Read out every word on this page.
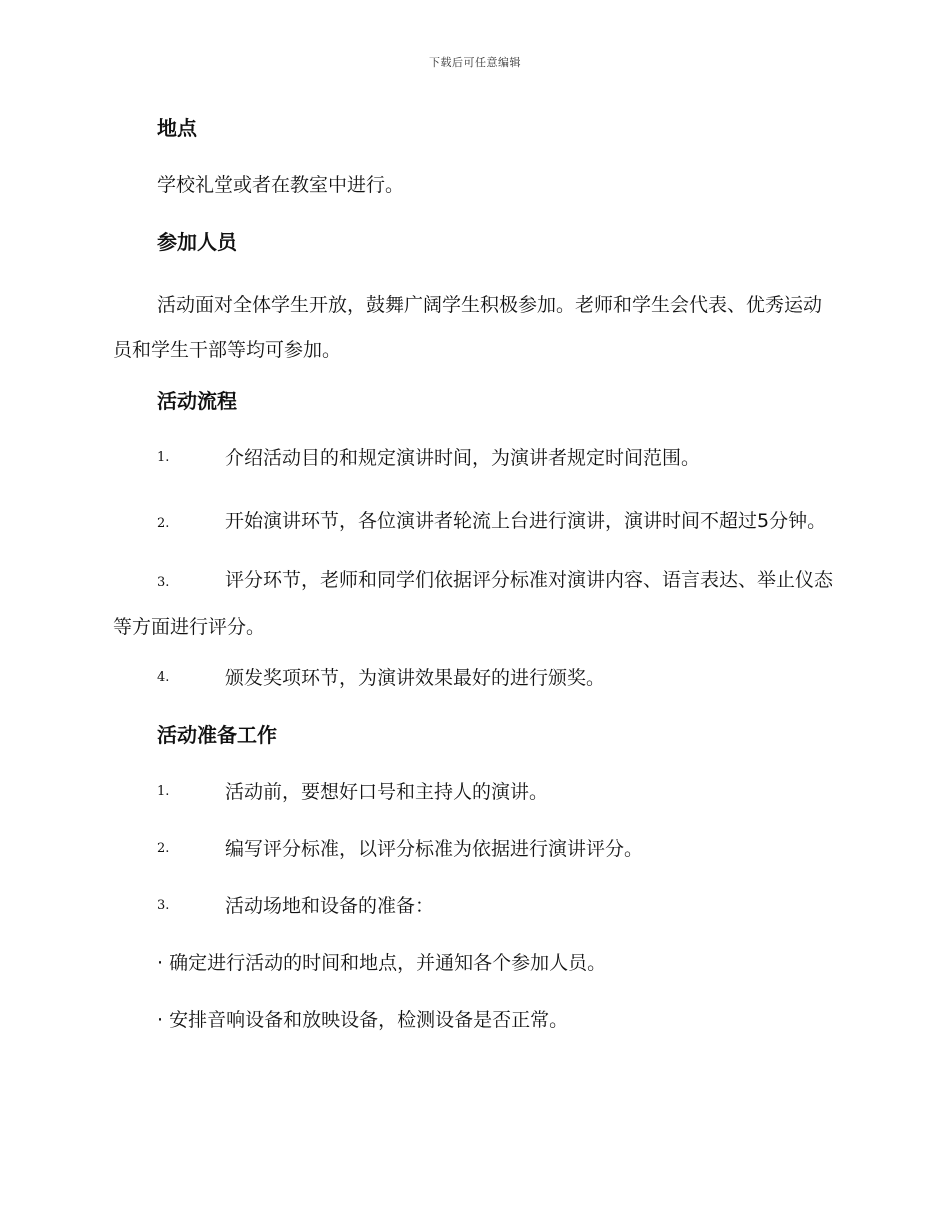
下载后可任意编辑
地点
学校礼堂或者在教室中进行。
参加人员
活动面对全体学生开放，鼓舞广阔学生积极参加。老师和学生会代表、优秀运动员和学生干部等均可参加。
活动流程
1.	介绍活动目的和规定演讲时间，为演讲者规定时间范围。
2.	开始演讲环节，各位演讲者轮流上台进行演讲，演讲时间不超过5分钟。
3.	评分环节，老师和同学们依据评分标准对演讲内容、语言表达、举止仪态等方面进行评分。
4.	颁发奖项环节，为演讲效果最好的进行颁奖。
活动准备工作
1.	活动前，要想好口号和主持人的演讲。
2.	编写评分标准，以评分标准为依据进行演讲评分。
3.	活动场地和设备的准备：
· 确定进行活动的时间和地点，并通知各个参加人员。
· 安排音响设备和放映设备，检测设备是否正常。
